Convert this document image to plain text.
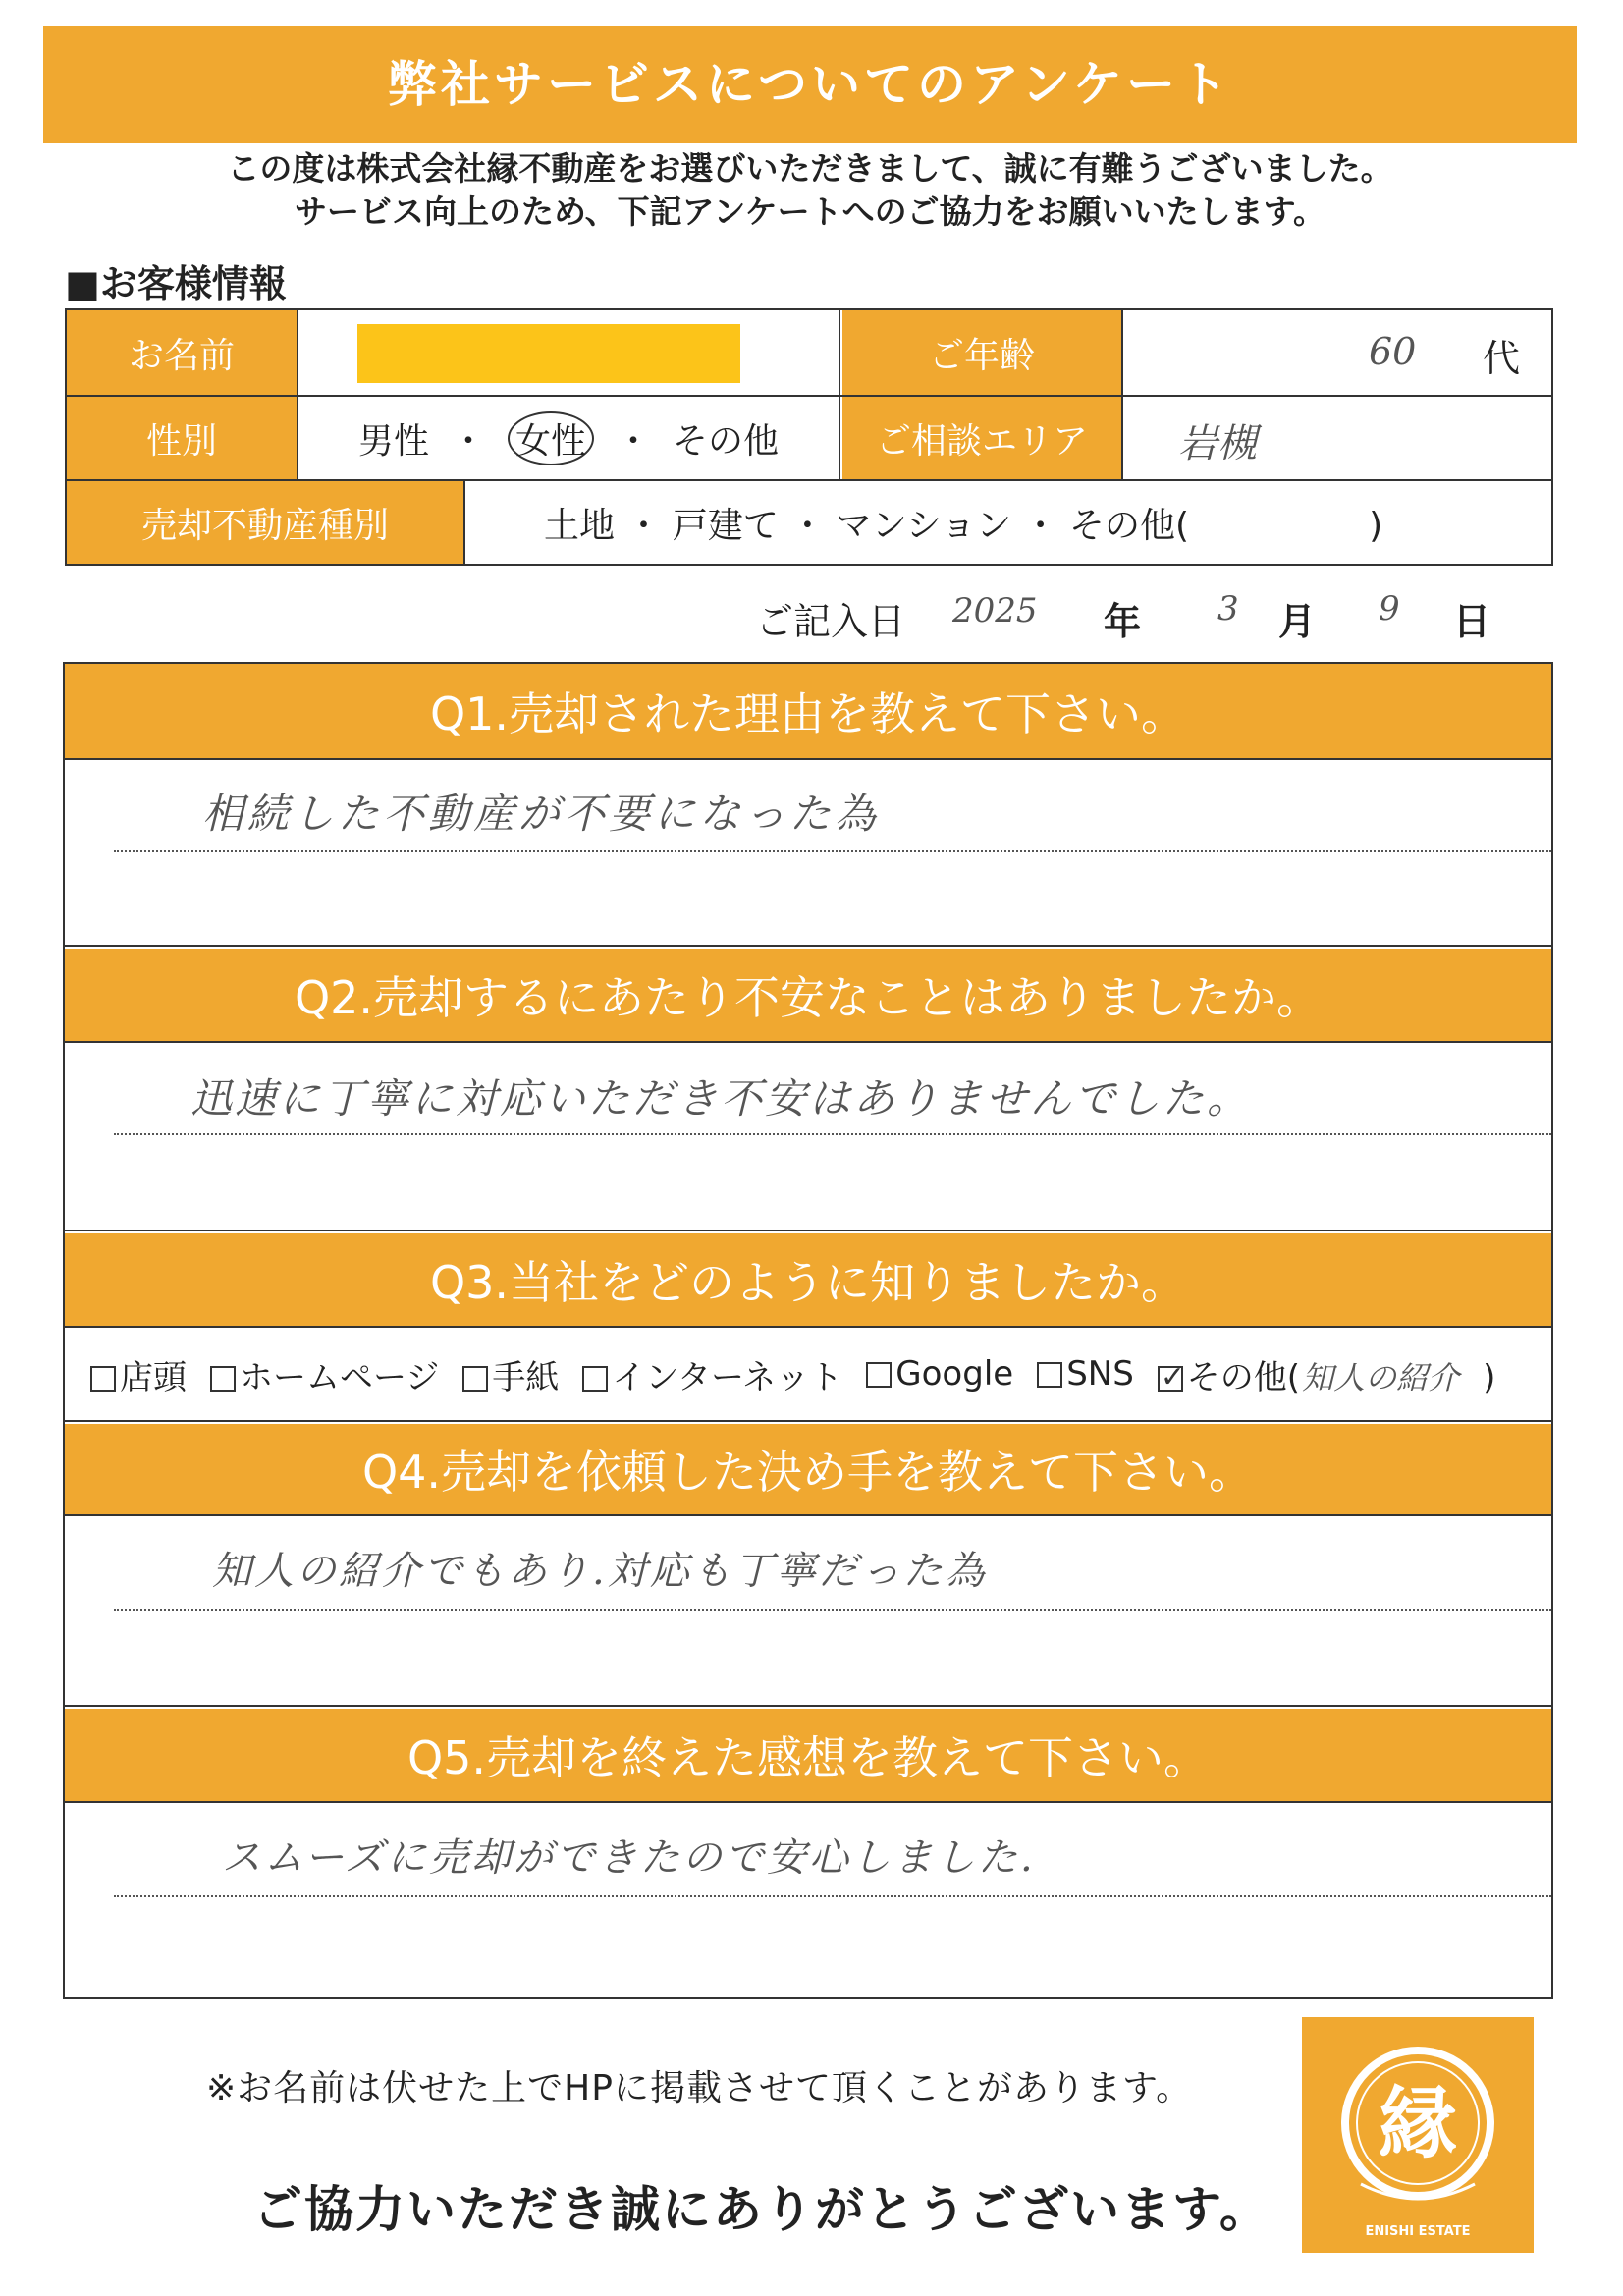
弊社サービスについてのアンケート
この度は株式会社縁不動産をお選びいただきまして、誠に有難うございました。
サービス向上のため、下記アンケートへのご協力をお願いいたします。
■お客様情報
お名前	ご年齢	60 代
性別	男性 ・ 女性 ・ その他	ご相談エリア 岩槻
売却不動産種別	土地 ・ 戸建て ・ マンション ・ その他(                )
ご記入日 2025 年 3 月 9 日
Q1.売却された理由を教えて下さい。
相続した不動産が不要になった為
Q2.売却するにあたり不安なことはありましたか。
迅速に丁寧に対応いただき不安はありませんでした。
Q3.当社をどのように知りましたか。
店頭	ホームページ	手紙	インターネット	Google	SNS
✓	その他(知人の紹介 )
Q4.売却を依頼した決め手を教えて下さい。
知人の紹介でもあり.対応も丁寧だった為
Q5.売却を終えた感想を教えて下さい。
スムーズに売却ができたので安心しました.
※お名前は伏せた上でHPに掲載させて頂くことがあります。
ご協力いただき誠にありがとうございます。
縁
ENISHI ESTATE
